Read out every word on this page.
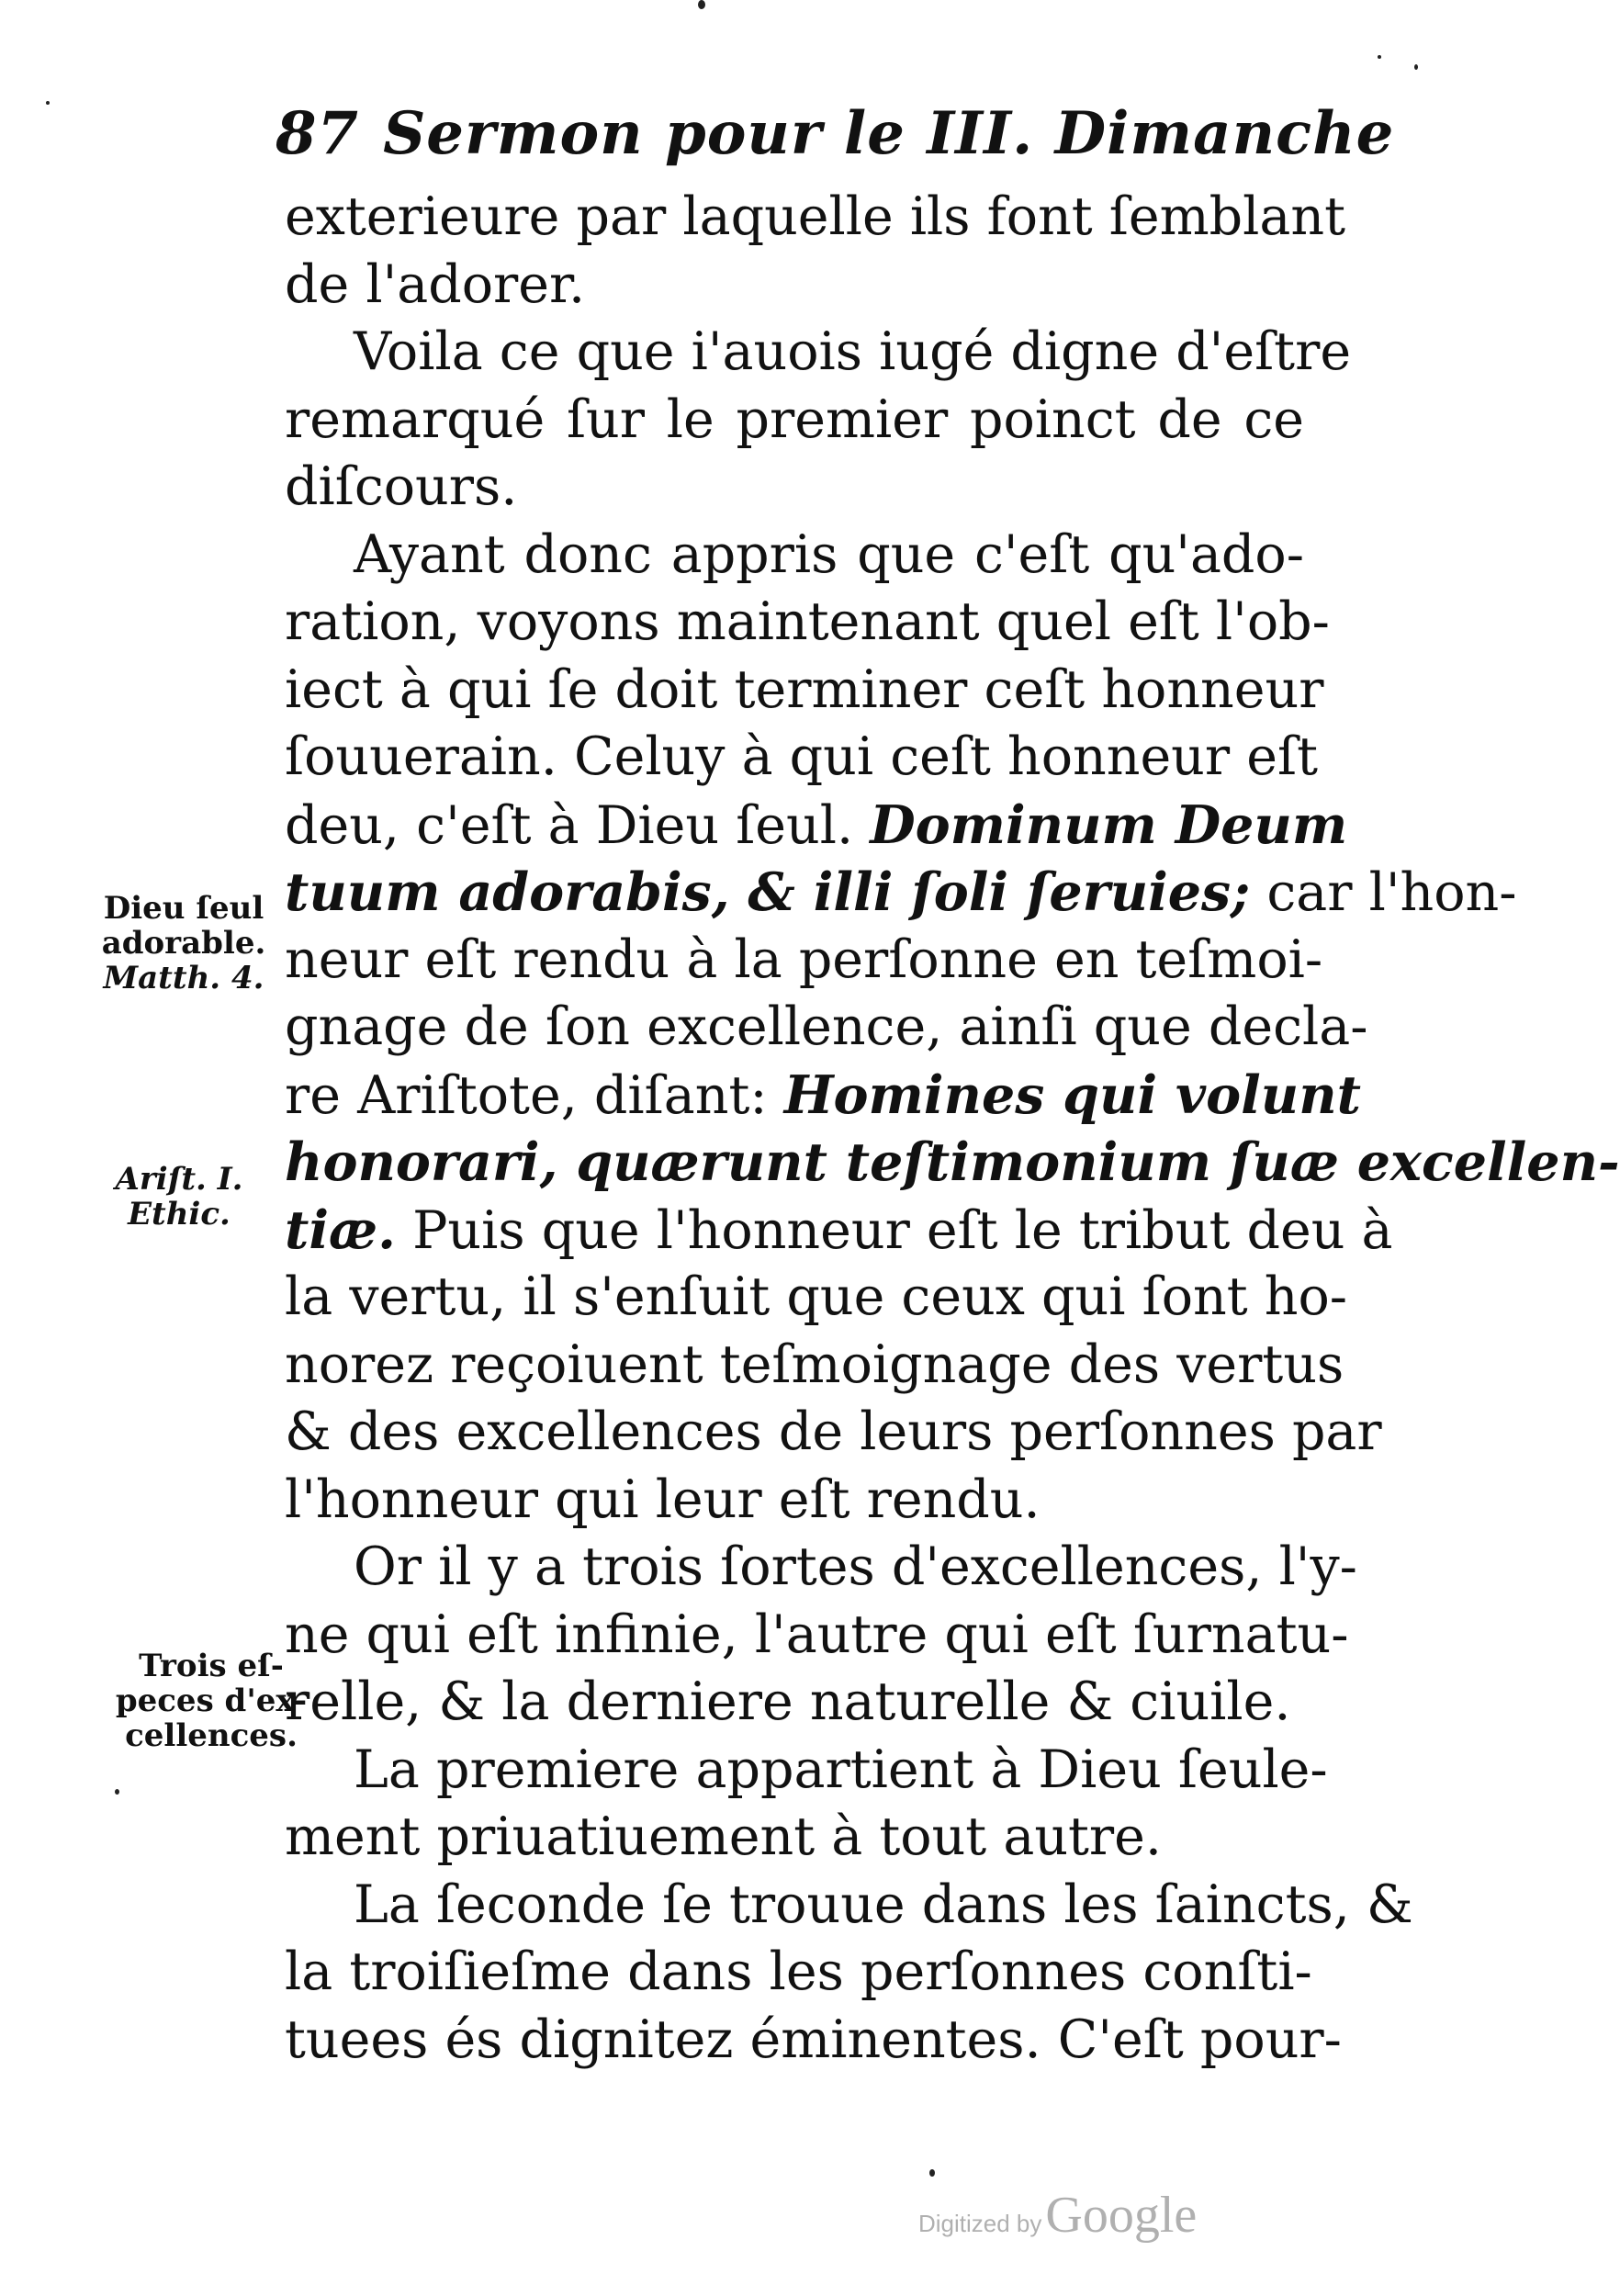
87 Sermon pour le III. Dimanche
exterieure par laquelle ils font ſemblant
de l'adorer.
Voila ce que i'auois iugé digne d'eſtre
remarqué ſur le premier poinct de ce
diſcours.
Ayant donc appris que c'eſt qu'ado-
ration, voyons maintenant quel eſt l'ob-
iect à qui ſe doit terminer ceſt honneur
ſouuerain. Celuy à qui ceſt honneur eſt
deu, c'eſt à Dieu ſeul. Dominum Deum
tuum adorabis, & illi ſoli ſeruies; car l'hon-
neur eſt rendu à la perſonne en teſmoi-
gnage de ſon excellence, ainſi que decla-
re Ariſtote, diſant: Homines qui volunt
honorari, quærunt teſtimonium ſuæ excellen-
tiæ. Puis que l'honneur eſt le tribut deu à
la vertu, il s'enſuit que ceux qui ſont ho-
norez reçoiuent teſmoignage des vertus
& des excellences de leurs perſonnes par
l'honneur qui leur eſt rendu.
Or il y a trois ſortes d'excellences, l'y-
ne qui eſt infinie, l'autre qui eſt ſurnatu-
relle, & la derniere naturelle & ciuile.
La premiere appartient à Dieu ſeule-
ment priuatiuement à tout autre.
La ſeconde ſe trouue dans les ſaincts, &
la troiſieſme dans les perſonnes conſti-
tuees és dignitez éminentes. C'eſt pour-
Dieu ſeul
adorable.
Matth. 4.
Ariſt. I.
Ethic.
Trois eſ-
peces d'ex-
cellences.
Digitized by Google
